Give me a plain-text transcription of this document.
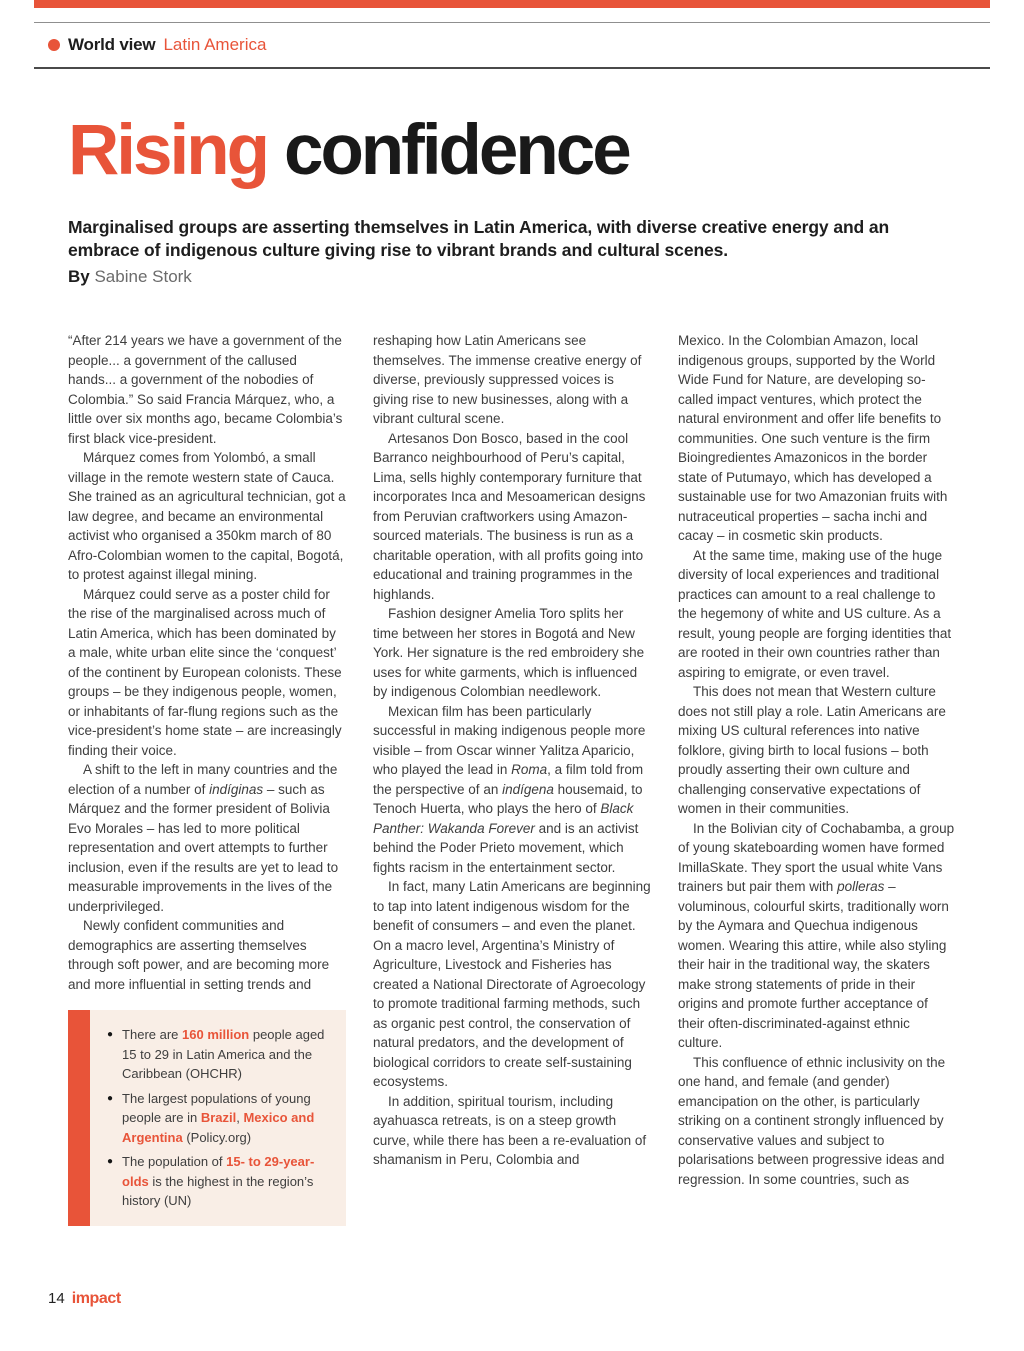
World view Latin America
Rising confidence

Marginalised groups are asserting themselves in Latin America, with diverse creative energy and an embrace of indigenous culture giving rise to vibrant brands and cultural scenes.

By Sabine Stork

“After 214 years we have a government of the people... a government of the callused hands... a government of the nobodies of Colombia.” So said Francia Márquez, who, a little over six months ago, became Colombia’s first black vice-president.

Márquez comes from Yolombó, a small village in the remote western state of Cauca. She trained as an agricultural technician, got a law degree, and became an environmental activist who organised a 350km march of 80 Afro-Colombian women to the capital, Bogotá, to protest against illegal mining.

Márquez could serve as a poster child for the rise of the marginalised across much of Latin America, which has been dominated by a male, white urban elite since the ‘conquest’ of the continent by European colonists. These groups – be they indigenous people, women, or inhabitants of far-flung regions such as the vice-president’s home state – are increasingly finding their voice.

A shift to the left in many countries and the election of a number of indíginas – such as Márquez and the former president of Bolivia Evo Morales – has led to more political representation and overt attempts to further inclusion, even if the results are yet to lead to measurable improvements in the lives of the underprivileged.

Newly confident communities and demographics are asserting themselves through soft power, and are becoming more and more influential in setting trends and

● There are 160 million people aged 15 to 29 in Latin America and the Caribbean (OHCHR)
● The largest populations of young people are in Brazil, Mexico and Argentina (Policy.org)
● The population of 15- to 29-year-olds is the highest in the region’s history (UN)

reshaping how Latin Americans see themselves. The immense creative energy of diverse, previously suppressed voices is giving rise to new businesses, along with a vibrant cultural scene.

Artesanos Don Bosco, based in the cool Barranco neighbourhood of Peru’s capital, Lima, sells highly contemporary furniture that incorporates Inca and Mesoamerican designs from Peruvian craftworkers using Amazon-sourced materials. The business is run as a charitable operation, with all profits going into educational and training programmes in the highlands.

Fashion designer Amelia Toro splits her time between her stores in Bogotá and New York. Her signature is the red embroidery she uses for white garments, which is influenced by indigenous Colombian needlework.

Mexican film has been particularly successful in making indigenous people more visible – from Oscar winner Yalitza Aparicio, who played the lead in Roma, a film told from the perspective of an indígena housemaid, to Tenoch Huerta, who plays the hero of Black Panther: Wakanda Forever and is an activist behind the Poder Prieto movement, which fights racism in the entertainment sector.

In fact, many Latin Americans are beginning to tap into latent indigenous wisdom for the benefit of consumers – and even the planet. On a macro level, Argentina’s Ministry of Agriculture, Livestock and Fisheries has created a National Directorate of Agroecology to promote traditional farming methods, such as organic pest control, the conservation of natural predators, and the development of biological corridors to create self-sustaining ecosystems.

In addition, spiritual tourism, including ayahuasca retreats, is on a steep growth curve, while there has been a re-evaluation of shamanism in Peru, Colombia and

Mexico. In the Colombian Amazon, local indigenous groups, supported by the World Wide Fund for Nature, are developing so-called impact ventures, which protect the natural environment and offer life benefits to communities. One such venture is the firm Bioingredientes Amazonicos in the border state of Putumayo, which has developed a sustainable use for two Amazonian fruits with nutraceutical properties – sacha inchi and cacay – in cosmetic skin products.

At the same time, making use of the huge diversity of local experiences and traditional practices can amount to a real challenge to the hegemony of white and US culture. As a result, young people are forging identities that are rooted in their own countries rather than aspiring to emigrate, or even travel.

This does not mean that Western culture does not still play a role. Latin Americans are mixing US cultural references into native folklore, giving birth to local fusions – both proudly asserting their own culture and challenging conservative expectations of women in their communities.

In the Bolivian city of Cochabamba, a group of young skateboarding women have formed ImillaSkate. They sport the usual white Vans trainers but pair them with polleras – voluminous, colourful skirts, traditionally worn by the Aymara and Quechua indigenous women. Wearing this attire, while also styling their hair in the traditional way, the skaters make strong statements of pride in their origins and promote further acceptance of their often-discriminated-against ethnic culture.

This confluence of ethnic inclusivity on the one hand, and female (and gender) emancipation on the other, is particularly striking on a continent strongly influenced by conservative values and subject to polarisations between progressive ideas and regression. In some countries, such as

14 impact
